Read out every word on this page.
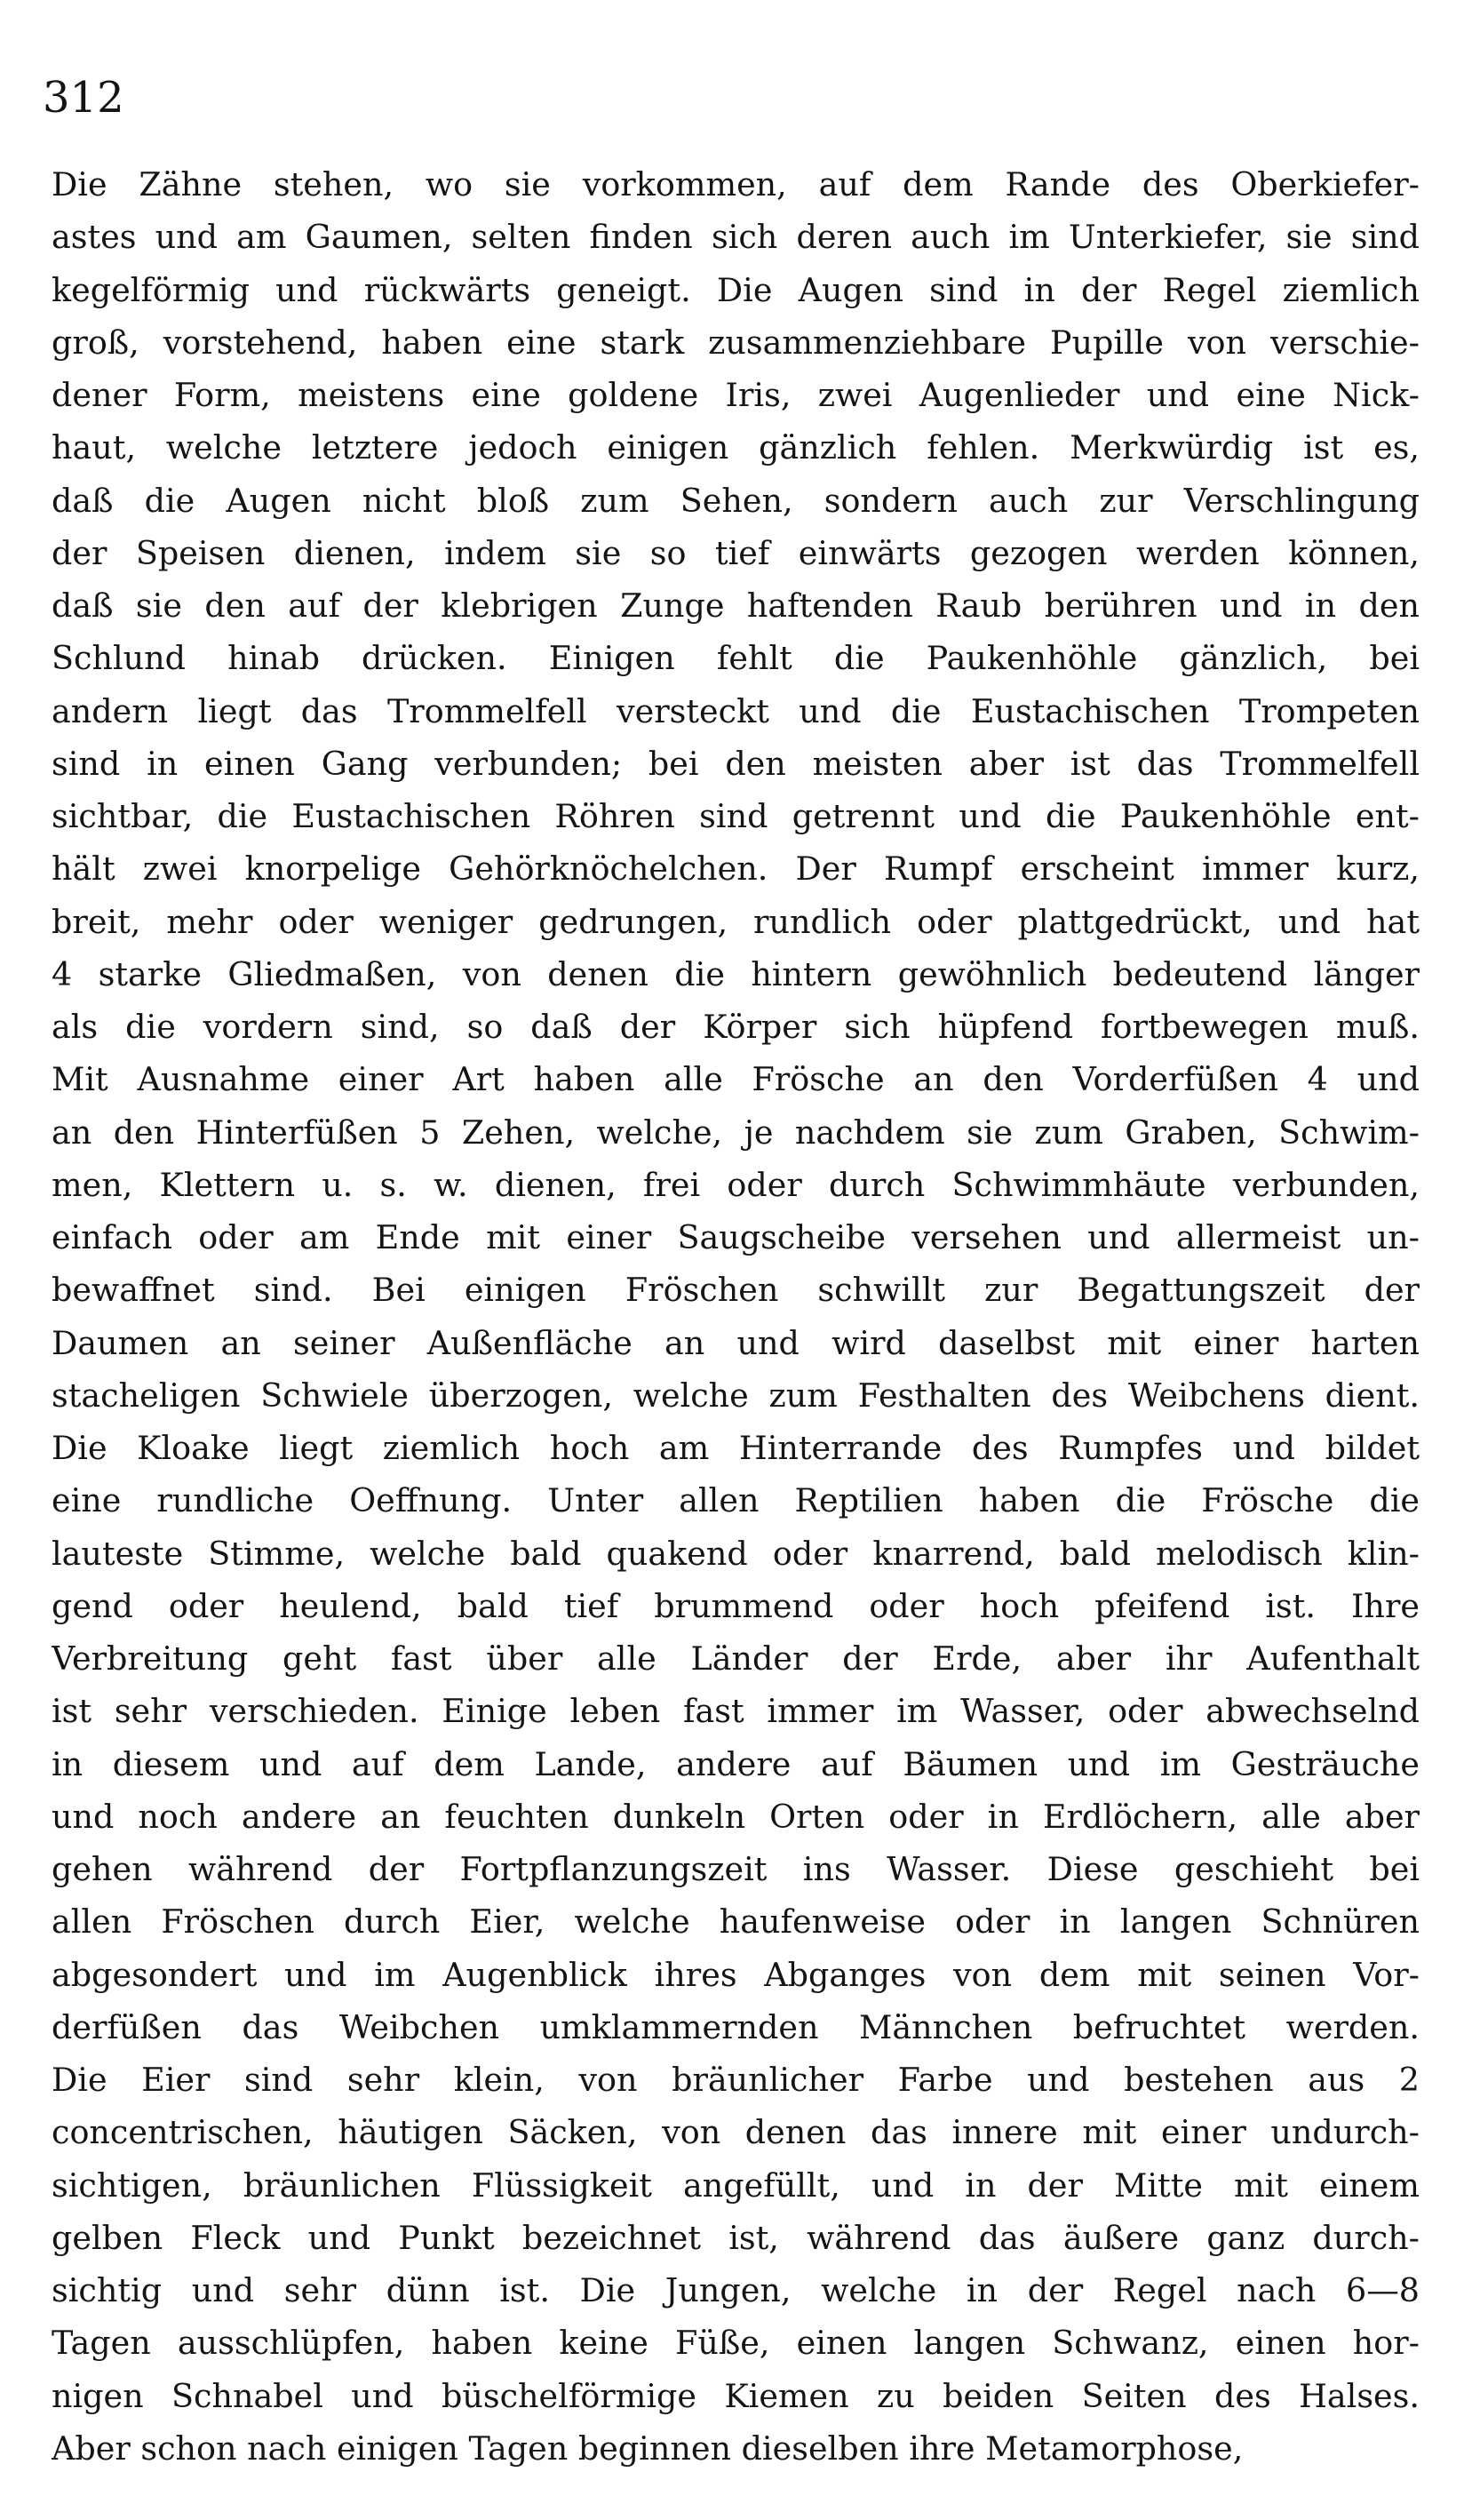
312
Die Zähne stehen, wo sie vorkommen, auf dem Rande des Oberkiefer-
astes und am Gaumen, selten finden sich deren auch im Unterkiefer, sie sind
kegelförmig und rückwärts geneigt. Die Augen sind in der Regel ziemlich
groß, vorstehend, haben eine stark zusammenziehbare Pupille von verschie-
dener Form, meistens eine goldene Iris, zwei Augenlieder und eine Nick-
haut, welche letztere jedoch einigen gänzlich fehlen. Merkwürdig ist es,
daß die Augen nicht bloß zum Sehen, sondern auch zur Verschlingung
der Speisen dienen, indem sie so tief einwärts gezogen werden können,
daß sie den auf der klebrigen Zunge haftenden Raub berühren und in den
Schlund hinab drücken. Einigen fehlt die Paukenhöhle gänzlich, bei
andern liegt das Trommelfell versteckt und die Eustachischen Trompeten
sind in einen Gang verbunden; bei den meisten aber ist das Trommelfell
sichtbar, die Eustachischen Röhren sind getrennt und die Paukenhöhle ent-
hält zwei knorpelige Gehörknöchelchen. Der Rumpf erscheint immer kurz,
breit, mehr oder weniger gedrungen, rundlich oder plattgedrückt, und hat
4 starke Gliedmaßen, von denen die hintern gewöhnlich bedeutend länger
als die vordern sind, so daß der Körper sich hüpfend fortbewegen muß.
Mit Ausnahme einer Art haben alle Frösche an den Vorderfüßen 4 und
an den Hinterfüßen 5 Zehen, welche, je nachdem sie zum Graben, Schwim-
men, Klettern u. s. w. dienen, frei oder durch Schwimmhäute verbunden,
einfach oder am Ende mit einer Saugscheibe versehen und allermeist un-
bewaffnet sind. Bei einigen Fröschen schwillt zur Begattungszeit der
Daumen an seiner Außenfläche an und wird daselbst mit einer harten
stacheligen Schwiele überzogen, welche zum Festhalten des Weibchens dient.
Die Kloake liegt ziemlich hoch am Hinterrande des Rumpfes und bildet
eine rundliche Oeffnung. Unter allen Reptilien haben die Frösche die
lauteste Stimme, welche bald quakend oder knarrend, bald melodisch klin-
gend oder heulend, bald tief brummend oder hoch pfeifend ist. Ihre
Verbreitung geht fast über alle Länder der Erde, aber ihr Aufenthalt
ist sehr verschieden. Einige leben fast immer im Wasser, oder abwechselnd
in diesem und auf dem Lande, andere auf Bäumen und im Gesträuche
und noch andere an feuchten dunkeln Orten oder in Erdlöchern, alle aber
gehen während der Fortpflanzungszeit ins Wasser. Diese geschieht bei
allen Fröschen durch Eier, welche haufenweise oder in langen Schnüren
abgesondert und im Augenblick ihres Abganges von dem mit seinen Vor-
derfüßen das Weibchen umklammernden Männchen befruchtet werden.
Die Eier sind sehr klein, von bräunlicher Farbe und bestehen aus 2
concentrischen, häutigen Säcken, von denen das innere mit einer undurch-
sichtigen, bräunlichen Flüssigkeit angefüllt, und in der Mitte mit einem
gelben Fleck und Punkt bezeichnet ist, während das äußere ganz durch-
sichtig und sehr dünn ist. Die Jungen, welche in der Regel nach 6—8
Tagen ausschlüpfen, haben keine Füße, einen langen Schwanz, einen hor-
nigen Schnabel und büschelförmige Kiemen zu beiden Seiten des Halses.
Aber schon nach einigen Tagen beginnen dieselben ihre Metamorphose,
